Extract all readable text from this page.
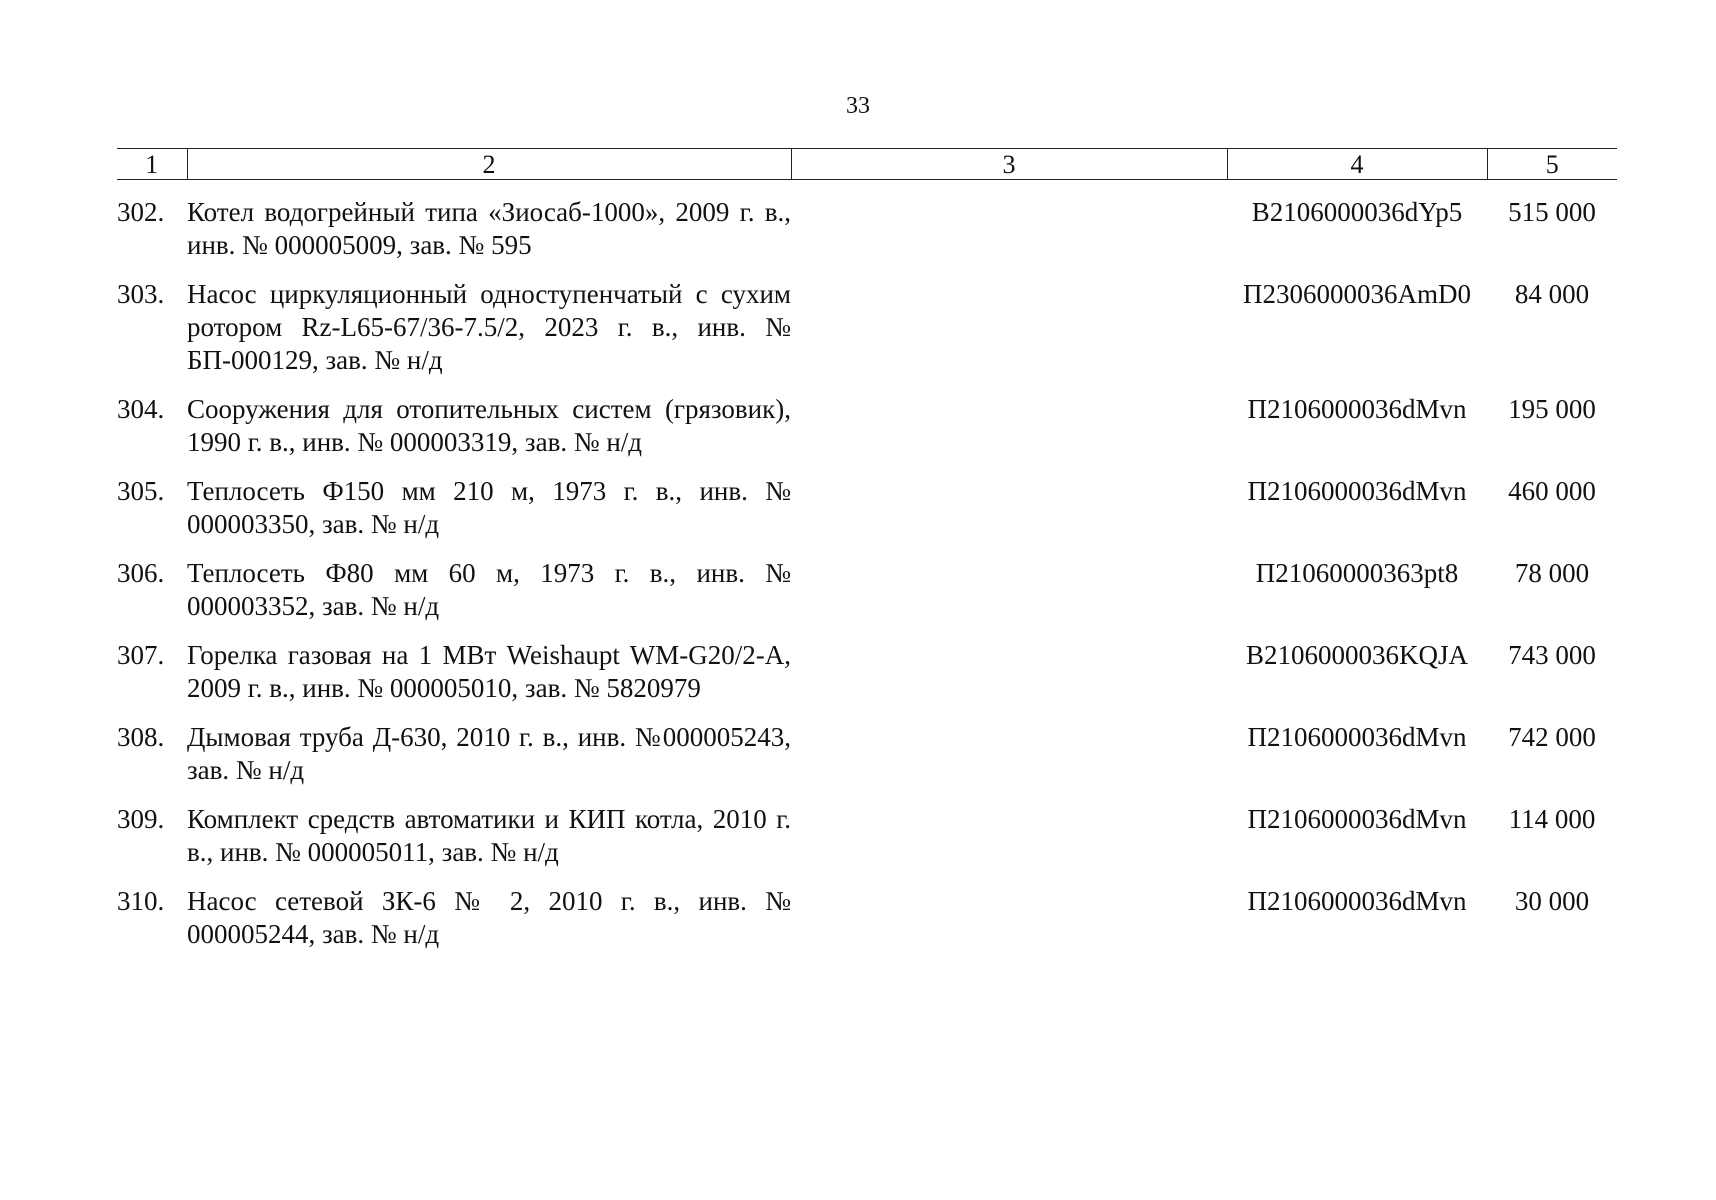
33
1	2	3	4	5
302.	Котел водогрейный типа «Зиосаб-1000», 2009 г. в., инв. № 000005009, зав. № 595		В2106000036dYp5	515 000

303.	Насос циркуляционный одноступенчатый с сухим ротором Rz-L65-67/36-7.5/2, 2023 г. в., инв. № БП-000129, зав. № н/д		П2306000036AmD0	84 000

304.	Сооружения для отопительных систем (грязовик), 1990 г. в., инв. № 000003319, зав. № н/д		П2106000036dMvn	195 000

305.	Теплосеть Ф150 мм 210 м, 1973 г. в., инв. № 000003350, зав. № н/д		П2106000036dMvn	460 000

306.	Теплосеть Ф80 мм 60 м, 1973 г. в., инв. № 000003352, зав. № н/д		П21060000363pt8	78 000

307.	Горелка газовая на 1 МВт Weishaupt WM-G20/2-A, 2009 г. в., инв. № 000005010, зав. № 5820979		В2106000036KQJA	743 000

308.	Дымовая труба Д-630, 2010 г. в., инв. №000005243, зав. № н/д		П2106000036dMvn	742 000

309.	Комплект средств автоматики и КИП котла, 2010 г. в., инв. № 000005011, зав. № н/д		П2106000036dMvn	114 000

310.	Насос сетевой ЗК-6 № 2, 2010 г. в., инв. № 000005244, зав. № н/д		П2106000036dMvn	30 000
